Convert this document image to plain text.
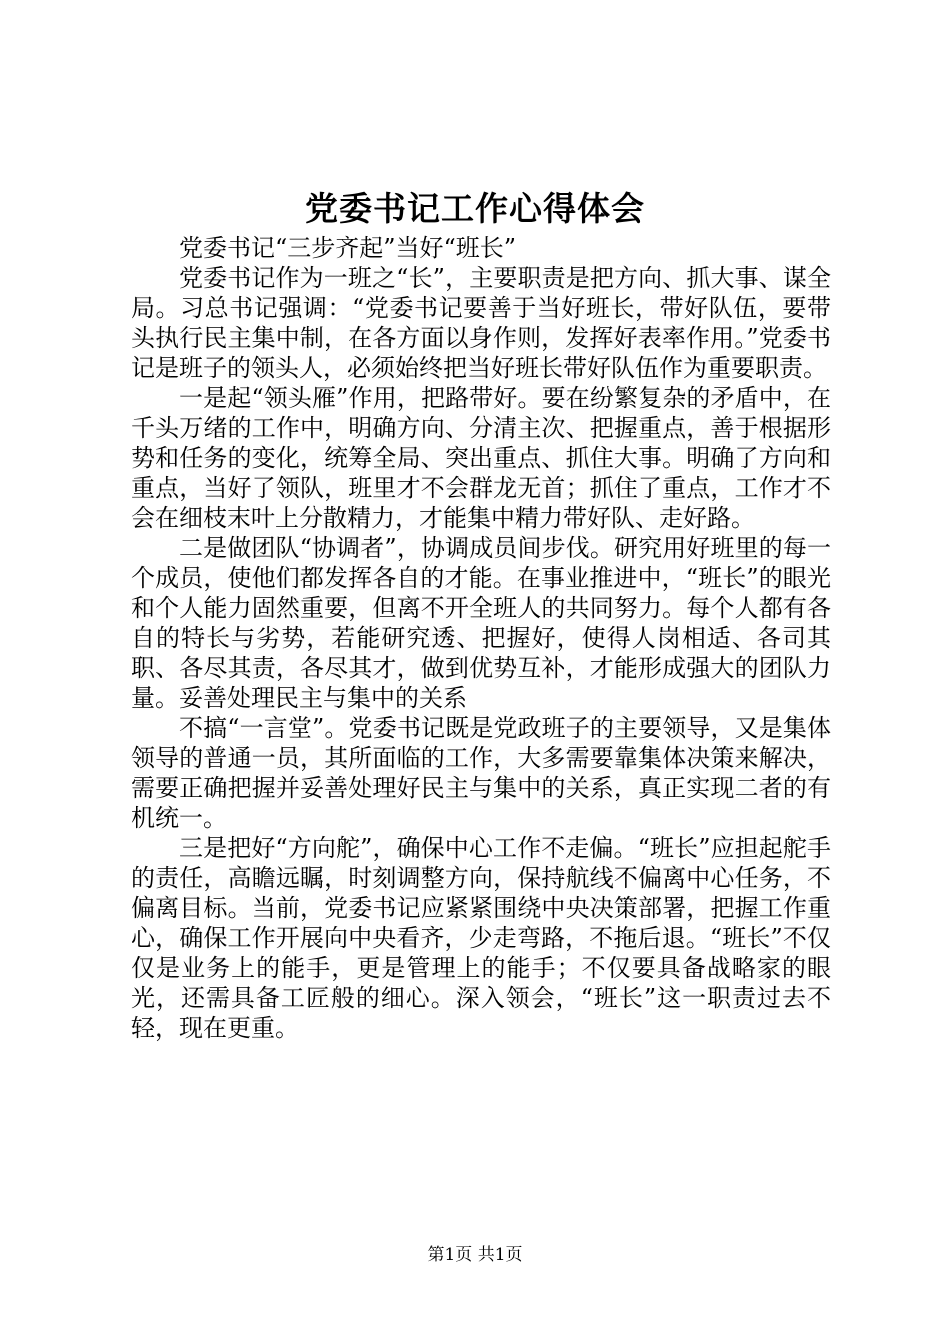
党委书记工作心得体会

党委书记“三步齐起”当好“班长”

党委书记作为一班之“长”，主要职责是把方向、抓大事、谋全局。习总书记强调：“党委书记要善于当好班长，带好队伍，要带头执行民主集中制，在各方面以身作则，发挥好表率作用。”党委书记是班子的领头人，必须始终把当好班长带好队伍作为重要职责。

一是起“领头雁”作用，把路带好。要在纷繁复杂的矛盾中，在千头万绪的工作中，明确方向、分清主次、把握重点，善于根据形势和任务的变化，统筹全局、突出重点、抓住大事。明确了方向和重点，当好了领队，班里才不会群龙无首；抓住了重点，工作才不会在细枝末叶上分散精力，才能集中精力带好队、走好路。

二是做团队“协调者”，协调成员间步伐。研究用好班里的每一个成员，使他们都发挥各自的才能。在事业推进中，“班长”的眼光和个人能力固然重要，但离不开全班人的共同努力。每个人都有各自的特长与劣势，若能研究透、把握好，使得人岗相适、各司其职、各尽其责，各尽其才，做到优势互补，才能形成强大的团队力量。妥善处理民主与集中的关系

不搞“一言堂”。党委书记既是党政班子的主要领导，又是集体领导的普通一员，其所面临的工作，大多需要靠集体决策来解决，需要正确把握并妥善处理好民主与集中的关系，真正实现二者的有机统一。

三是把好“方向舵”，确保中心工作不走偏。“班长”应担起舵手的责任，高瞻远瞩，时刻调整方向，保持航线不偏离中心任务，不偏离目标。当前，党委书记应紧紧围绕中央决策部署，把握工作重心，确保工作开展向中央看齐，少走弯路，不拖后退。“班长”不仅仅是业务上的能手，更是管理上的能手；不仅要具备战略家的眼光，还需具备工匠般的细心。深入领会，“班长”这一职责过去不轻，现在更重。

第1页 共1页
